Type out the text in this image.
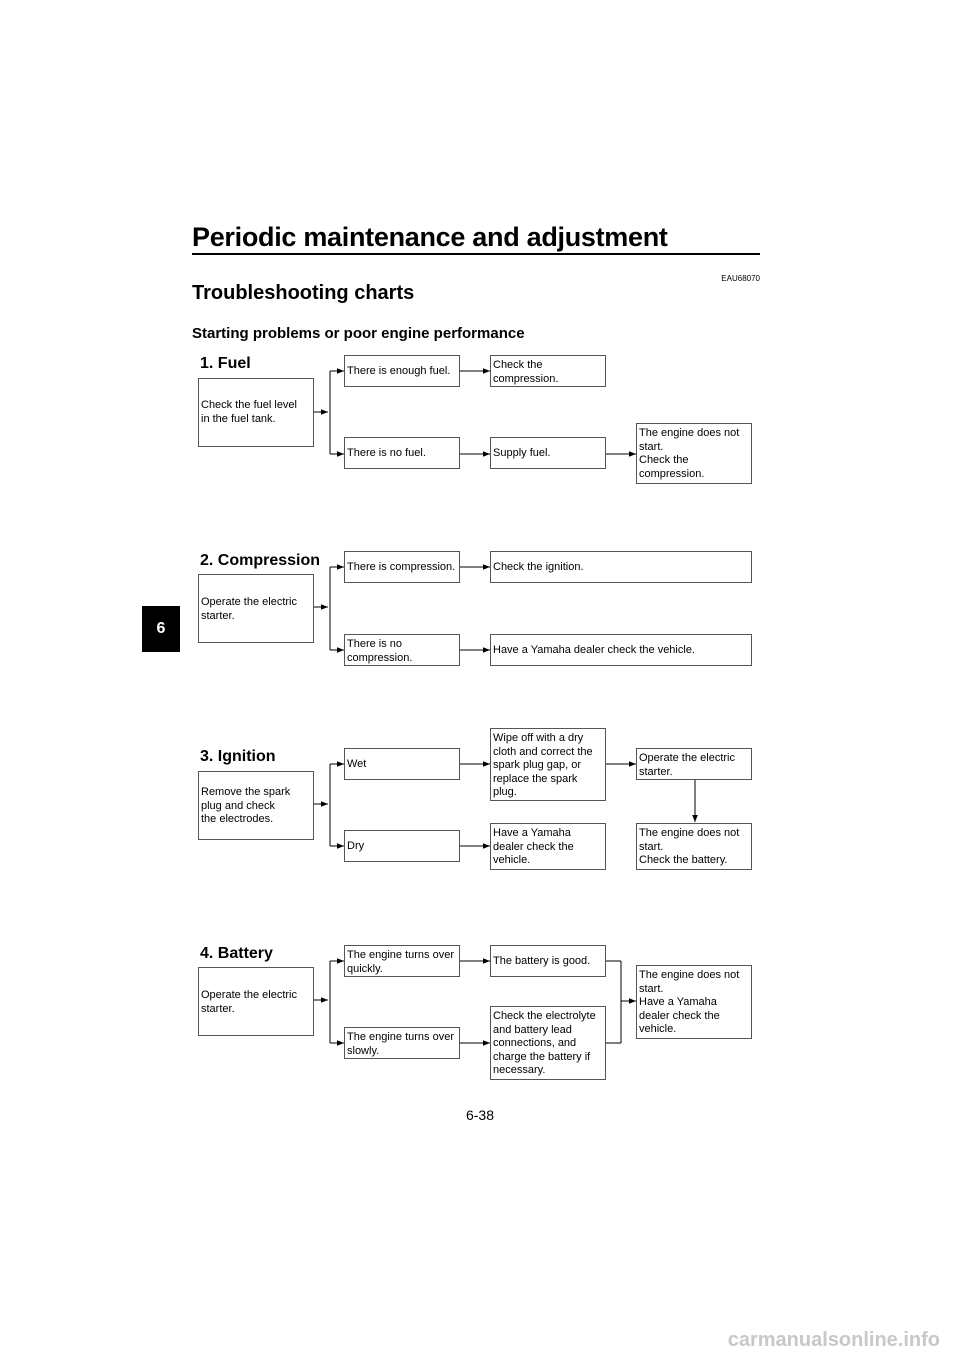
Periodic maintenance and adjustment
EAU68070
Troubleshooting charts
Starting problems or poor engine performance
6
1. Fuel
Check the fuel level
in the fuel tank.
There is enough fuel.
There is no fuel.
Check the
compression.
Supply fuel.
The engine does not
start.
Check the
compression.
2. Compression
Operate the electric
starter.
There is compression.
There is no
compression.
Check the ignition.
Have a Yamaha dealer check the vehicle.
3. Ignition
Remove the spark
plug and check
the electrodes.
Wet
Dry
Wipe off with a dry
cloth and correct the
spark plug gap, or
replace the spark
plug.
Have a Yamaha
dealer check the
vehicle.
Operate the electric
starter.
The engine does not
start.
Check the battery.
4. Battery
Operate the electric
starter.
The engine turns over
quickly.
The engine turns over
slowly.
The battery is good.
Check the electrolyte
and battery lead
connections, and
charge the battery if
necessary.
The engine does not
start.
Have a Yamaha
dealer check the
vehicle.
6-38
carmanualsonline.info
